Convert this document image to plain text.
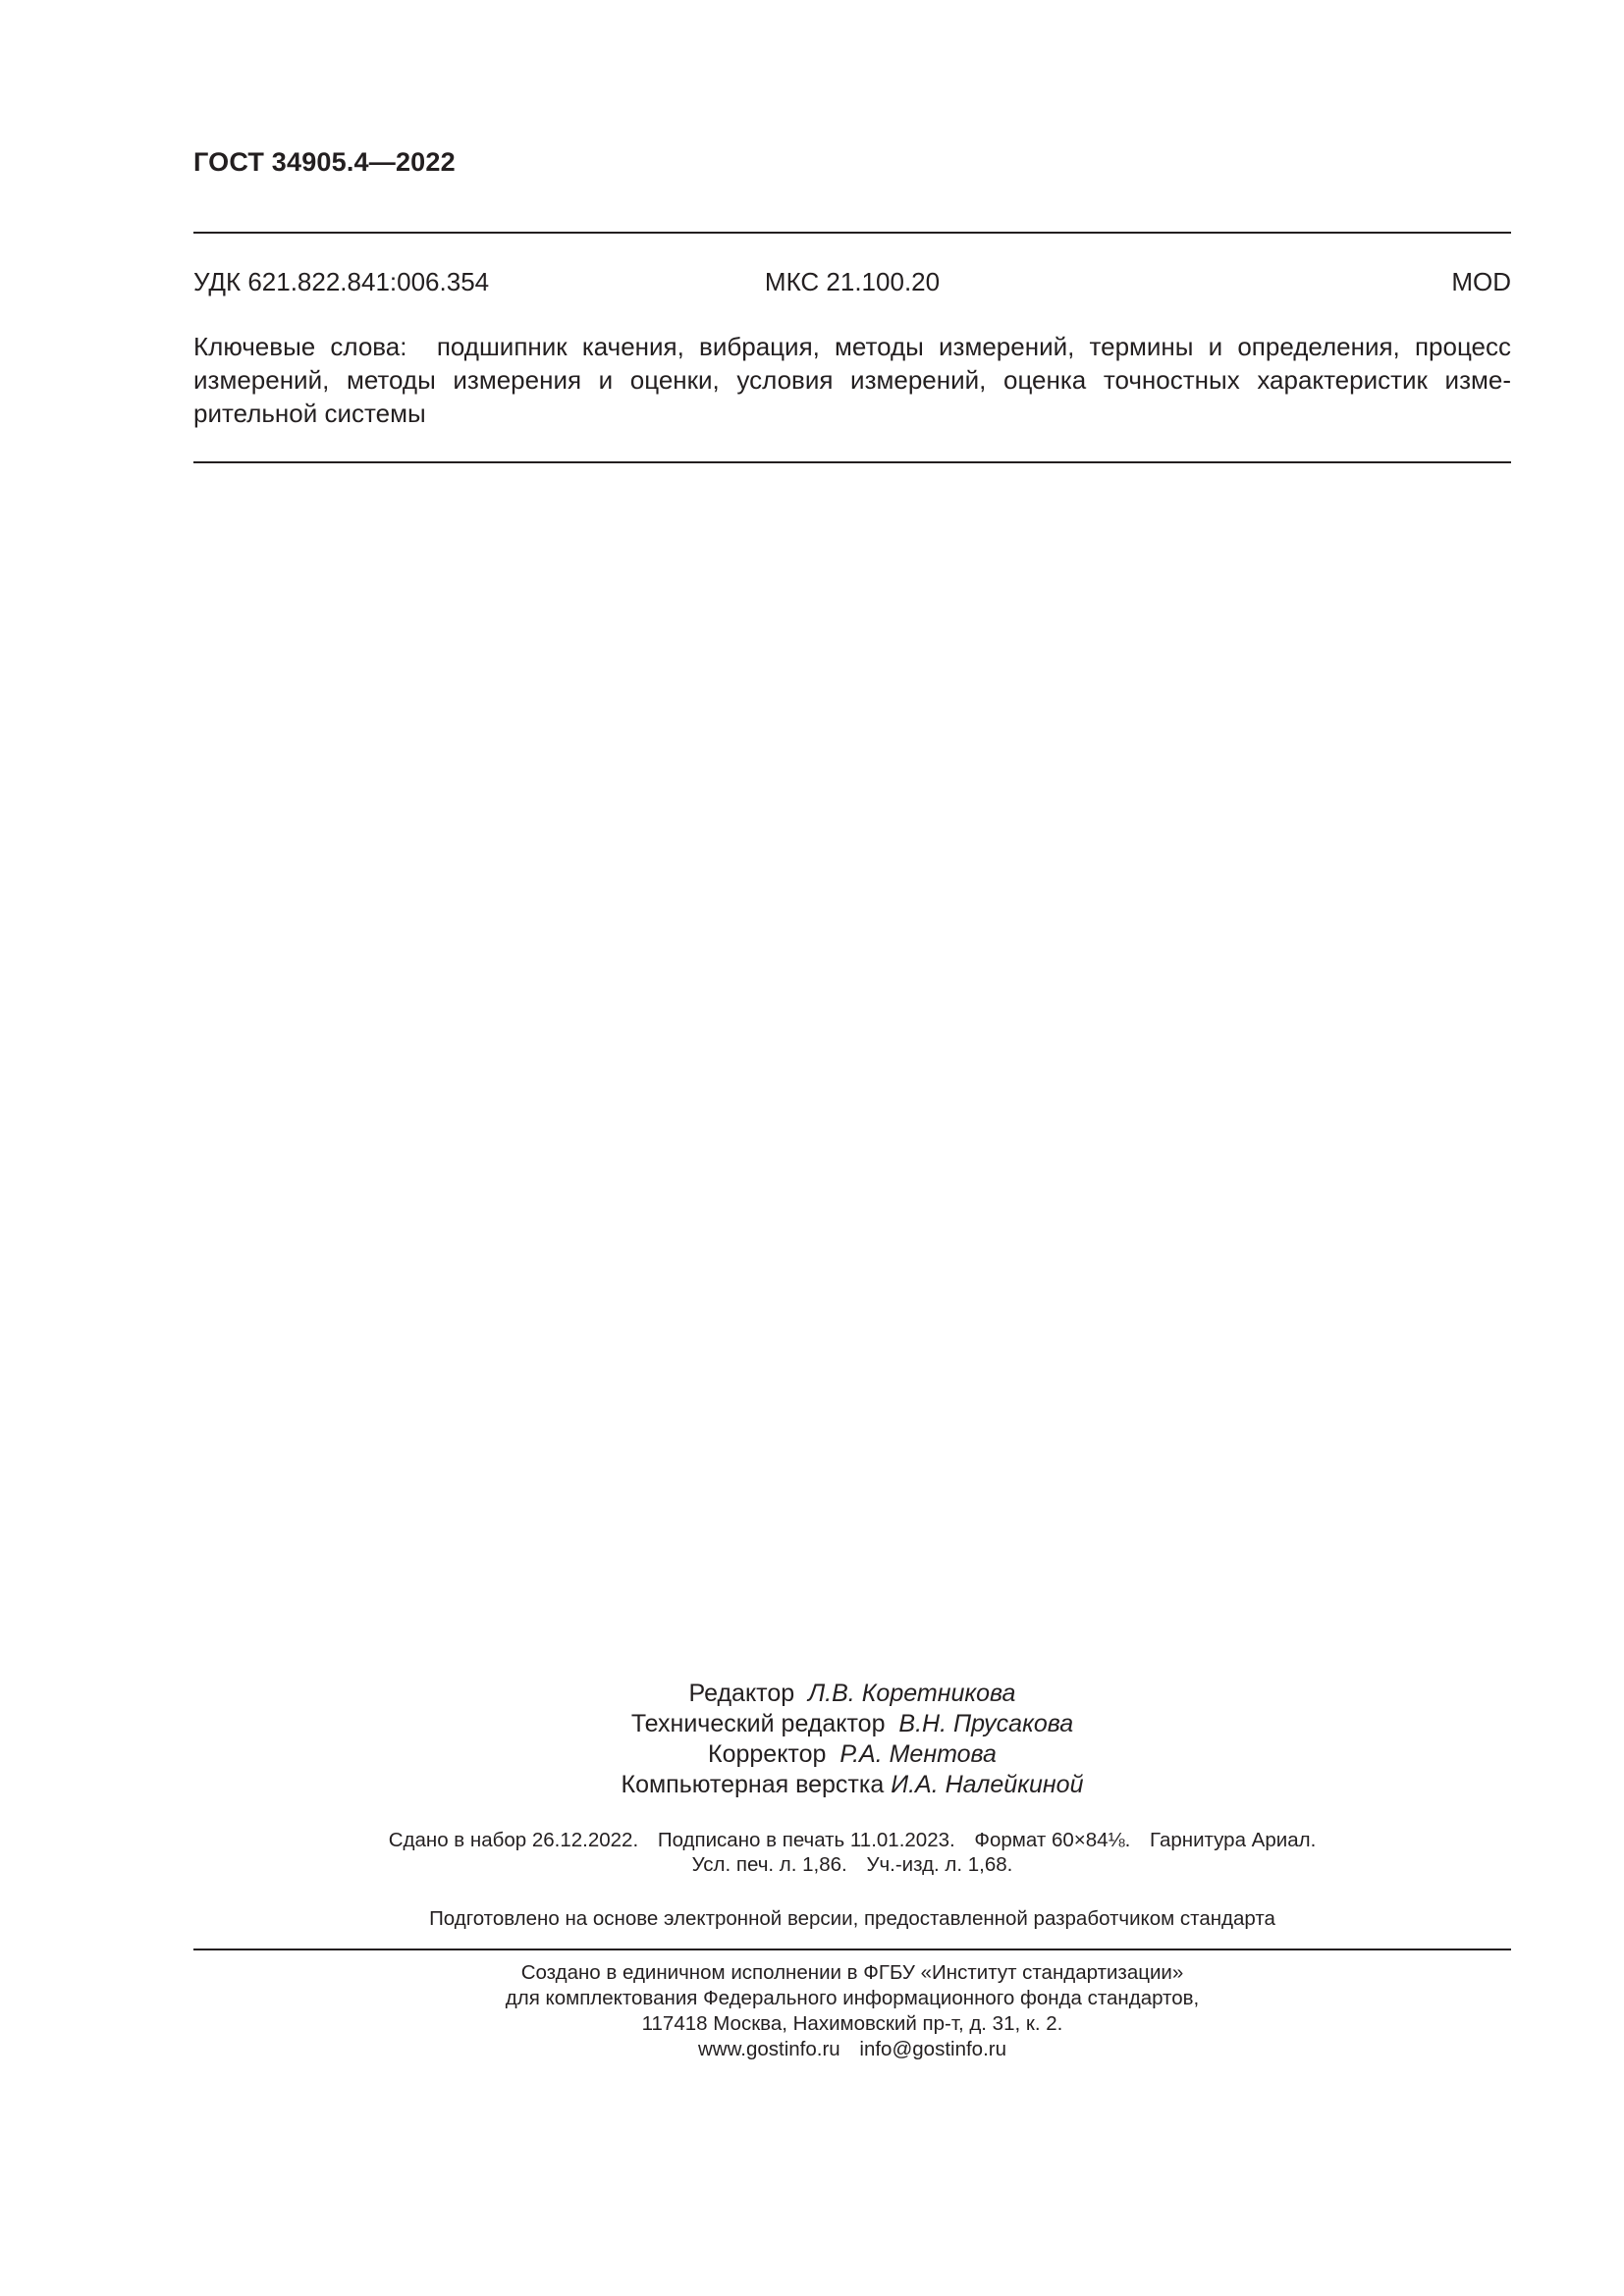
ГОСТ 34905.4—2022
УДК 621.822.841:006.354	МКС 21.100.20	MOD
Ключевые слова: подшипник качения, вибрация, методы измерений, термины и определения, процесс измерений, методы измерения и оценки, условия измерений, оценка точностных характеристик измерительной системы
Редактор Л.В. Коретникова
Технический редактор В.Н. Прусакова
Корректор Р.А. Ментова
Компьютерная верстка И.А. Налейкиной
Сдано в набор 26.12.2022. Подписано в печать 11.01.2023. Формат 60×84⅛. Гарнитура Ариал.
Усл. печ. л. 1,86. Уч.-изд. л. 1,68.
Подготовлено на основе электронной версии, предоставленной разработчиком стандарта
Создано в единичном исполнении в ФГБУ «Институт стандартизации»
для комплектования Федерального информационного фонда стандартов,
117418 Москва, Нахимовский пр-т, д. 31, к. 2.
www.gostinfo.ru info@gostinfo.ru
